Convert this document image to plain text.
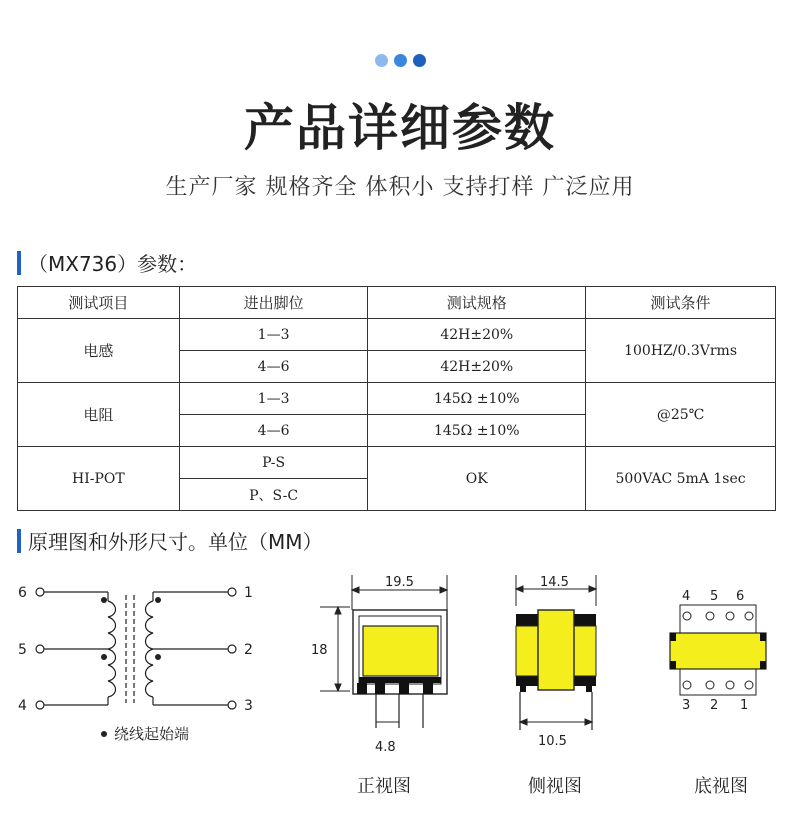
产品详细参数
生产厂家 规格齐全 体积小 支持打样 广泛应用
（MX736）参数：
测试项目	进出脚位	测试规格	测试条件
电感	1—3	42H±20%	100HZ/0.3Vrms
	4—6	42H±20%	
电阻	1—3	145Ω ±10%	@25℃
	4—6	145Ω ±10%	
HI-POT	P-S	OK	500VAC 5mA 1sec
	P、S-C		
原理图和外形尺寸。单位（MM）
6
5
4
1
2
3
绕线起始端
19.5
18
4.8
正视图
14.5
10.5
侧视图
4 5 6
3 2 1
底视图
